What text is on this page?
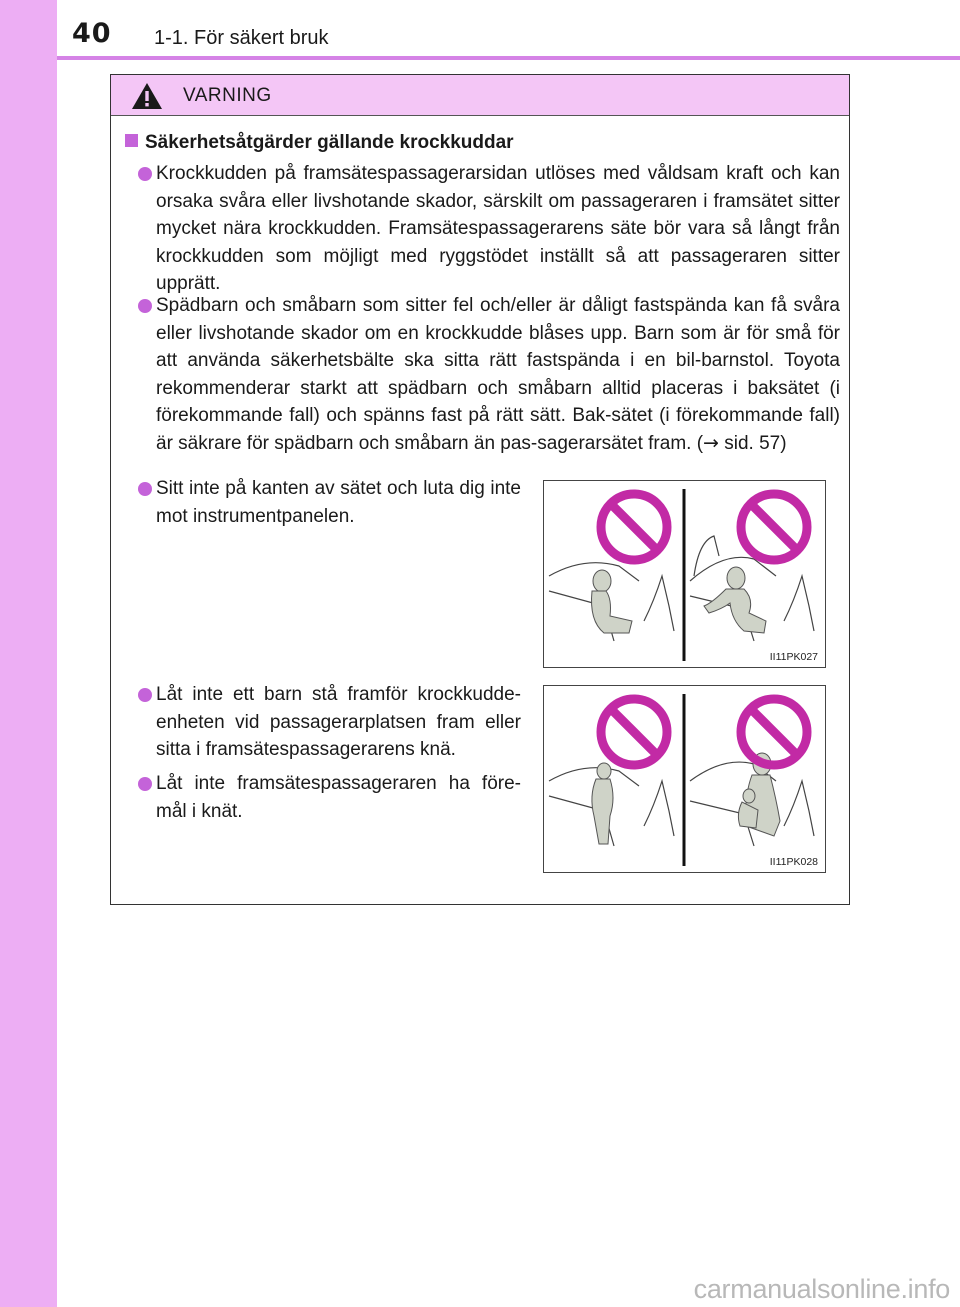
40 1-1. För säkert bruk
VARNING
Säkerhetsåtgärder gällande krockkuddar
Krockkudden på framsätespassagerarsidan utlöses med våldsam kraft och kan orsaka svåra eller livshotande skador, särskilt om passageraren i framsätet sitter mycket nära krockkudden. Framsätespassagerarens säte bör vara så långt från krockkudden som möjligt med ryggstödet inställt så att passageraren sitter upprätt.
Spädbarn och småbarn som sitter fel och/eller är dåligt fastspända kan få svåra eller livshotande skador om en krockkudde blåses upp. Barn som är för små för att använda säkerhetsbälte ska sitta rätt fastspända i en bil-barnstol. Toyota rekommenderar starkt att spädbarn och småbarn alltid placeras i baksätet (i förekommande fall) och spänns fast på rätt sätt. Bak-sätet (i förekommande fall) är säkrare för spädbarn och småbarn än pas-sagerarsätet fram. (→ sid. 57)
Sitt inte på kanten av sätet och luta dig inte mot instrumentpanelen.
Låt inte ett barn stå framför krockkudde-enheten vid passagerarplatsen fram eller sitta i framsätespassagerarens knä.
Låt inte framsätespassageraren ha före-mål i knät.
II11PK027
II11PK028
carmanualsonline.info
